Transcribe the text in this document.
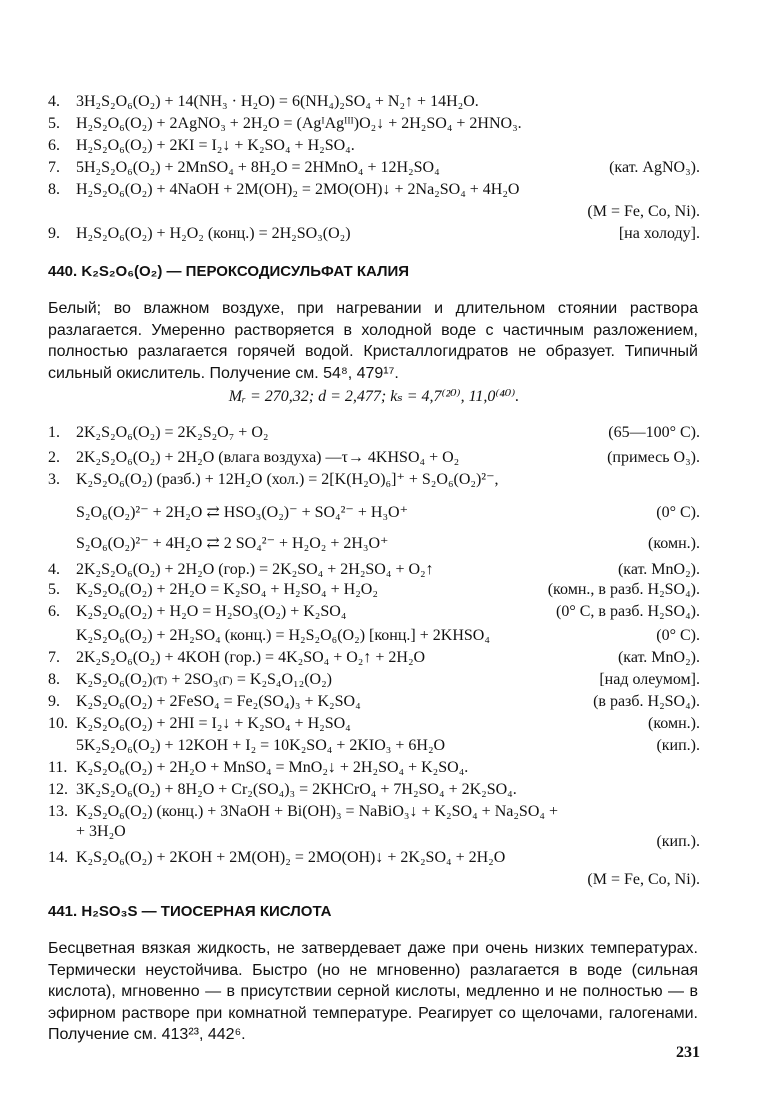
4.	3H₂S₂O₆(O₂) + 14(NH₃ · H₂O) = 6(NH₄)₂SO₄ + N₂↑ + 14H₂O.
5.	H₂S₂O₆(O₂) + 2AgNO₃ + 2H₂O = (AgᴵAgᴵᴵᴵ)O₂↓ + 2H₂SO₄ + 2HNO₃.
6.	H₂S₂O₆(O₂) + 2KI = I₂↓ + K₂SO₄ + H₂SO₄.
7.	5H₂S₂O₆(O₂) + 2MnSO₄ + 8H₂O = 2HMnO₄ + 12H₂SO₄	(кат. AgNO₃).
8.	H₂S₂O₆(O₂) + 4NaOH + 2M(OH)₂ = 2MO(OH)↓ + 2Na₂SO₄ + 4H₂O
(M = Fe, Co, Ni).
9.	H₂S₂O₆(O₂) + H₂O₂ (конц.) = 2H₂SO₃(O₂)	[на холоду].
440. K₂S₂O₆(O₂) — ПЕРОКСОДИСУЛЬФАТ КАЛИЯ
Белый; во влажном воздухе, при нагревании и длительном стоянии раствора разлагается. Умеренно растворяется в холодной воде с частичным разложением, полностью разлагается горячей водой. Кристаллогидратов не образует. Типичный сильный окислитель. Получение см. 54⁸, 479¹⁷.
Mᵣ = 270,32; d = 2,477; kₛ = 4,7⁽²⁰⁾, 11,0⁽⁴⁰⁾.
1.	2K₂S₂O₆(O₂) = 2K₂S₂O₇ + O₂	(65—100° C).
2.	2K₂S₂O₆(O₂) + 2H₂O (влага воздуха) ―τ→ 4KHSO₄ + O₂	(примесь O₃).
3.	K₂S₂O₆(O₂) (разб.) + 12H₂O (хол.) = 2[K(H₂O)₆]⁺ + S₂O₆(O₂)²⁻,
S₂O₆(O₂)²⁻ + 2H₂O ⇄ HSO₃(O₂)⁻ + SO₄²⁻ + H₃O⁺	(0° C).
S₂O₆(O₂)²⁻ + 4H₂O ⇄ 2 SO₄²⁻ + H₂O₂ + 2H₃O⁺	(комн.).
4.	2K₂S₂O₆(O₂) + 2H₂O (гор.) = 2K₂SO₄ + 2H₂SO₄ + O₂↑	(кат. MnO₂).
5.	K₂S₂O₆(O₂) + 2H₂O = K₂SO₄ + H₂SO₄ + H₂O₂	(комн., в разб. H₂SO₄).
6.	K₂S₂O₆(O₂) + H₂O = H₂SO₃(O₂) + K₂SO₄	(0° C, в разб. H₂SO₄).
K₂S₂O₆(O₂) + 2H₂SO₄ (конц.) = H₂S₂O₆(O₂) [конц.] + 2KHSO₄	(0° C).
7.	2K₂S₂O₆(O₂) + 4KOH (гор.) = 4K₂SO₄ + O₂↑ + 2H₂O	(кат. MnO₂).
8.	K₂S₂O₆(O₂)₍т₎ + 2SO₃₍г₎ = K₂S₄O₁₂(O₂)	[над олеумом].
9.	K₂S₂O₆(O₂) + 2FeSO₄ = Fe₂(SO₄)₃ + K₂SO₄	(в разб. H₂SO₄).
10. K₂S₂O₆(O₂) + 2HI = I₂↓ + K₂SO₄ + H₂SO₄	(комн.).
5K₂S₂O₆(O₂) + 12KOH + I₂ = 10K₂SO₄ + 2KIO₃ + 6H₂O	(кип.).
11. K₂S₂O₆(O₂) + 2H₂O + MnSO₄ = MnO₂↓ + 2H₂SO₄ + K₂SO₄.
12. 3K₂S₂O₆(O₂) + 8H₂O + Cr₂(SO₄)₃ = 2KHCrO₄ + 7H₂SO₄ + 2K₂SO₄.
13. K₂S₂O₆(O₂) (конц.) + 3NaOH + Bi(OH)₃ = NaBiO₃↓ + K₂SO₄ + Na₂SO₄ +
+ 3H₂O
(кип.).
14. K₂S₂O₆(O₂) + 2KOH + 2M(OH)₂ = 2MO(OH)↓ + 2K₂SO₄ + 2H₂O
(M = Fe, Co, Ni).
441. H₂SO₃S — ТИОСЕРНАЯ КИСЛОТА
Бесцветная вязкая жидкость, не затвердевает даже при очень низких температурах. Термически неустойчива. Быстро (но не мгновенно) разлагается в воде (сильная кислота), мгновенно — в присутствии серной кислоты, медленно и не полностью — в эфирном растворе при комнатной температуре. Реагирует со щелочами, галогенами. Получение см. 413²³, 442⁶.
231
